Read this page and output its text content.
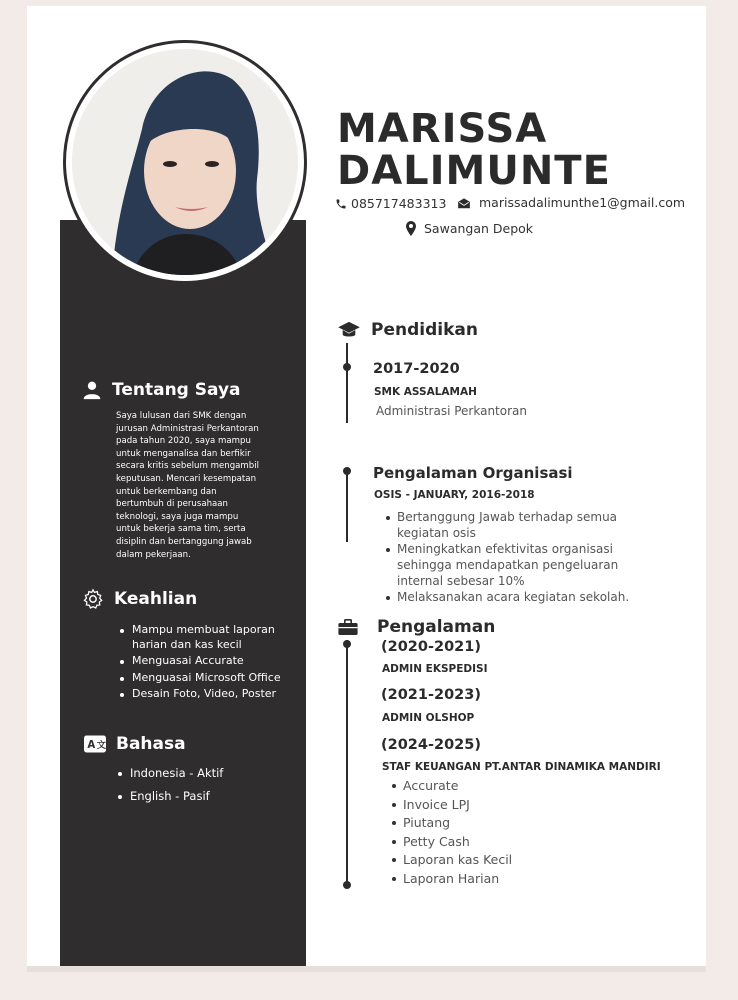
MARISSA
DALIMUNTE
085717483313	marissadalimunthe1@gmail.com
Sawangan Depok
Tentang Saya
Saya lulusan dari SMK dengan
jurusan Administrasi Perkantoran
pada tahun 2020, saya mampu
untuk menganalisa dan berfikir
secara kritis sebelum mengambil
keputusan. Mencari kesempatan
untuk berkembang dan
bertumbuh di perusahaan
teknologi, saya juga mampu
untuk bekerja sama tim, serta
disiplin dan bertanggung jawab
dalam pekerjaan.
Keahlian
Mampu membuat laporan
harian dan kas kecil
Menguasai Accurate
Menguasai Microsoft Office
Desain Foto, Video, Poster
A 文 Bahasa
Indonesia - Aktif
English - Pasif
Pendidikan
2017-2020
SMK ASSALAMAH
Administrasi Perkantoran
Pengalaman Organisasi
OSIS - JANUARY, 2016-2018
Bertanggung Jawab terhadap semua
kegiatan osis
Meningkatkan efektivitas organisasi
sehingga mendapatkan pengeluaran
internal sebesar 10%
Melaksanakan acara kegiatan sekolah.
Pengalaman
(2020-2021)
ADMIN EKSPEDISI
(2021-2023)
ADMIN OLSHOP
(2024-2025)
STAF KEUANGAN PT.ANTAR DINAMIKA MANDIRI
Accurate
Invoice LPJ
Piutang
Petty Cash
Laporan kas Kecil
Laporan Harian
